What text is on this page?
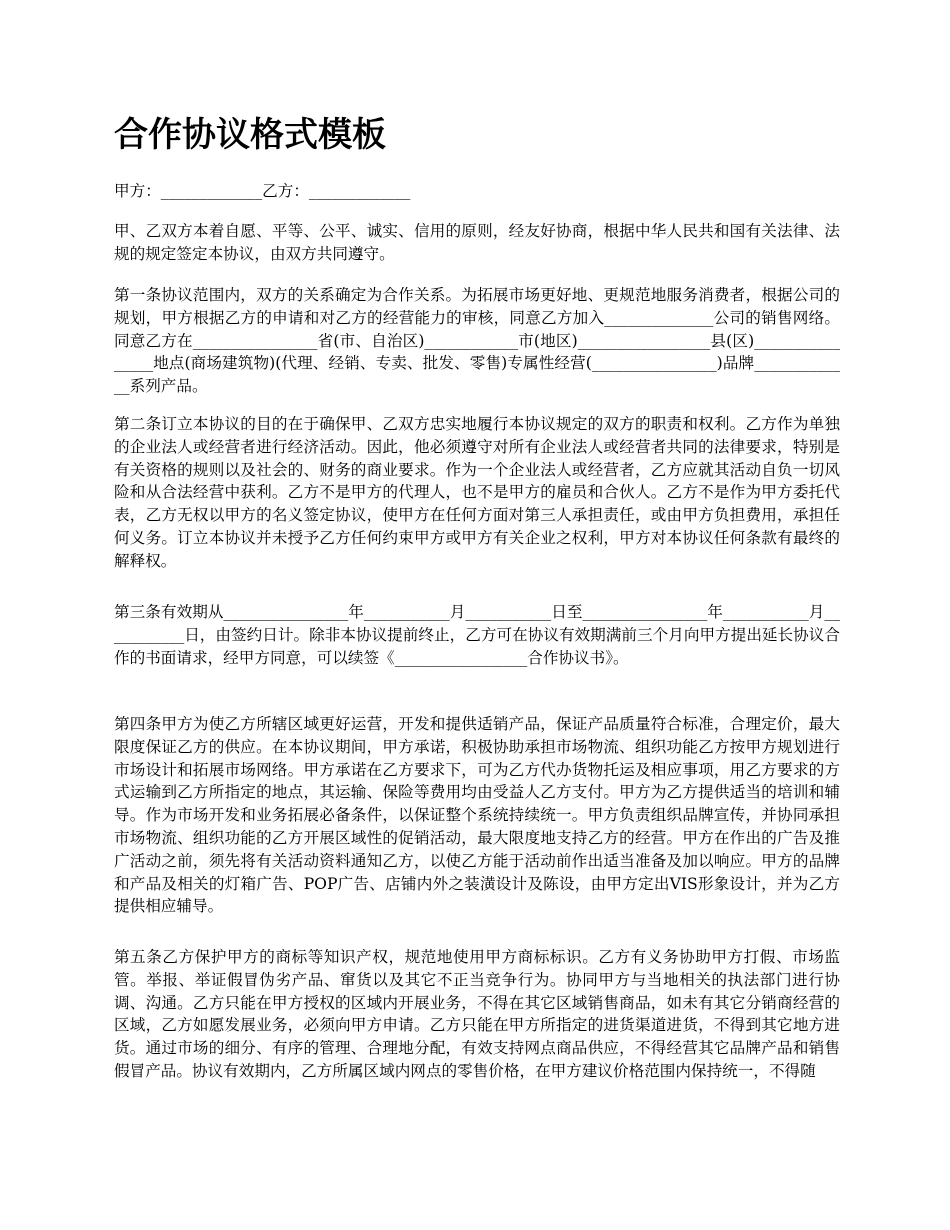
合作协议格式模板

甲方：_____________乙方：_____________

甲、乙双方本着自愿、平等、公平、诚实、信用的原则，经友好协商，根据中华人民共和国有关法律、法规的规定签定本协议，由双方共同遵守。

第一条协议范围内，双方的关系确定为合作关系。为拓展市场更好地、更规范地服务消费者，根据公司的规划，甲方根据乙方的申请和对乙方的经营能力的审核，同意乙方加入______________公司的销售网络。同意乙方在________________省(市、自治区)____________市(地区)_________________县(区)________________地点(商场建筑物)(代理、经销、专卖、批发、零售)专属性经营(________________)品牌_____________系列产品。

第二条订立本协议的目的在于确保甲、乙双方忠实地履行本协议规定的双方的职责和权利。乙方作为单独的企业法人或经营者进行经济活动。因此，他必须遵守对所有企业法人或经营者共同的法律要求，特别是有关资格的规则以及社会的、财务的商业要求。作为一个企业法人或经营者，乙方应就其活动自负一切风险和从合法经营中获利。乙方不是甲方的代理人，也不是甲方的雇员和合伙人。乙方不是作为甲方委托代表，乙方无权以甲方的名义签定协议，使甲方在任何方面对第三人承担责任，或由甲方负担费用，承担任何义务。订立本协议并未授予乙方任何约束甲方或甲方有关企业之权利，甲方对本协议任何条款有最终的解释权。

第三条有效期从________________年___________月___________日至________________年___________月___________日，由签约日计。除非本协议提前终止，乙方可在协议有效期满前三个月向甲方提出延长协议合作的书面请求，经甲方同意，可以续签《_________________合作协议书》。

第四条甲方为使乙方所辖区域更好运营，开发和提供适销产品，保证产品质量符合标准，合理定价，最大限度保证乙方的供应。在本协议期间，甲方承诺，积极协助承担市场物流、组织功能乙方按甲方规划进行市场设计和拓展市场网络。甲方承诺在乙方要求下，可为乙方代办货物托运及相应事项，用乙方要求的方式运输到乙方所指定的地点，其运输、保险等费用均由受益人乙方支付。甲方为乙方提供适当的培训和辅导。作为市场开发和业务拓展必备条件，以保证整个系统持续统一。甲方负责组织品牌宣传，并协同承担市场物流、组织功能的乙方开展区域性的促销活动，最大限度地支持乙方的经营。甲方在作出的广告及推广活动之前，须先将有关活动资料通知乙方，以使乙方能于活动前作出适当准备及加以响应。甲方的品牌和产品及相关的灯箱广告、POP广告、店铺内外之装潢设计及陈设，由甲方定出VIS形象设计，并为乙方提供相应辅导。

第五条乙方保护甲方的商标等知识产权，规范地使用甲方商标标识。乙方有义务协助甲方打假、市场监管。举报、举证假冒伪劣产品、窜货以及其它不正当竞争行为。协同甲方与当地相关的执法部门进行协调、沟通。乙方只能在甲方授权的区域内开展业务，不得在其它区域销售商品，如未有其它分销商经营的区域，乙方如愿发展业务，必须向甲方申请。乙方只能在甲方所指定的进货渠道进货，不得到其它地方进货。通过市场的细分、有序的管理、合理地分配，有效支持网点商品供应，不得经营其它品牌产品和销售假冒产品。协议有效期内，乙方所属区域内网点的零售价格，在甲方建议价格范围内保持统一，不得随
